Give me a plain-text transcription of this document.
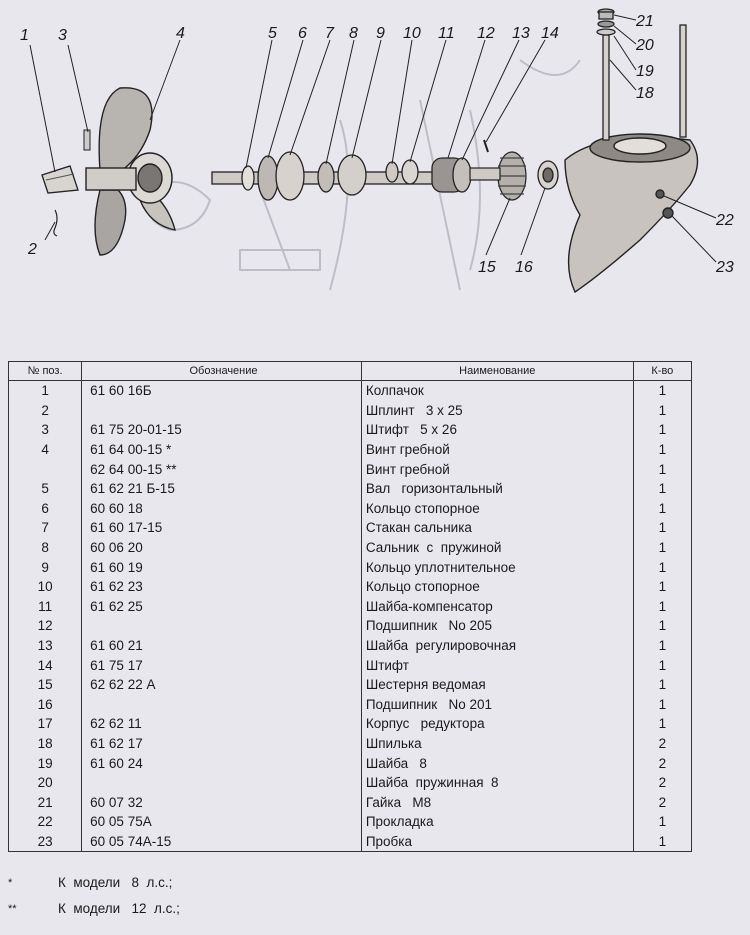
1 3	4
2
5 6 7 8 9 10 11 12 13 14
15 16
21
20
19
18
22
23
№ поз.	Обозначение	Наименование	К-во
1	61 60 16Б	Колпачок	1
2		Шплинт   3 х 25	1
3	61 75 20-01-15	Штифт   5 х 26	1
4	61 64 00-15 *	Винт гребной	1
	62 64 00-15 **	Винт гребной	1
5	61 62 21 Б-15	Вал   горизонтальный	1
6	60 60 18	Кольцо стопорное	1
7	61 60 17-15	Стакан сальника	1
8	60 06 20	Сальник  с  пружиной	1
9	61 60 19	Кольцо уплотнительное	1
10	61 62 23	Кольцо стопорное	1
11	61 62 25	Шайба-компенсатор	1
12		Подшипник   No 205	1
13	61 60 21	Шайба  регулировочная	1
14	61 75 17	Штифт	1
15	62 62 22 А	Шестерня ведомая	1
16		Подшипник   No 201	1
17	62 62 11	Корпус   редуктора	1
18	61 62 17	Шпилька	2
19	61 60 24	Шайба   8	2
20		Шайба  пружинная  8	2
21	60 07 32	Гайка   М8	2
22	60 05 75А	Прокладка	1
23	60 05 74А-15	Пробка	1
*	К  модели   8  л.с.;
**	К  модели   12  л.с.;
